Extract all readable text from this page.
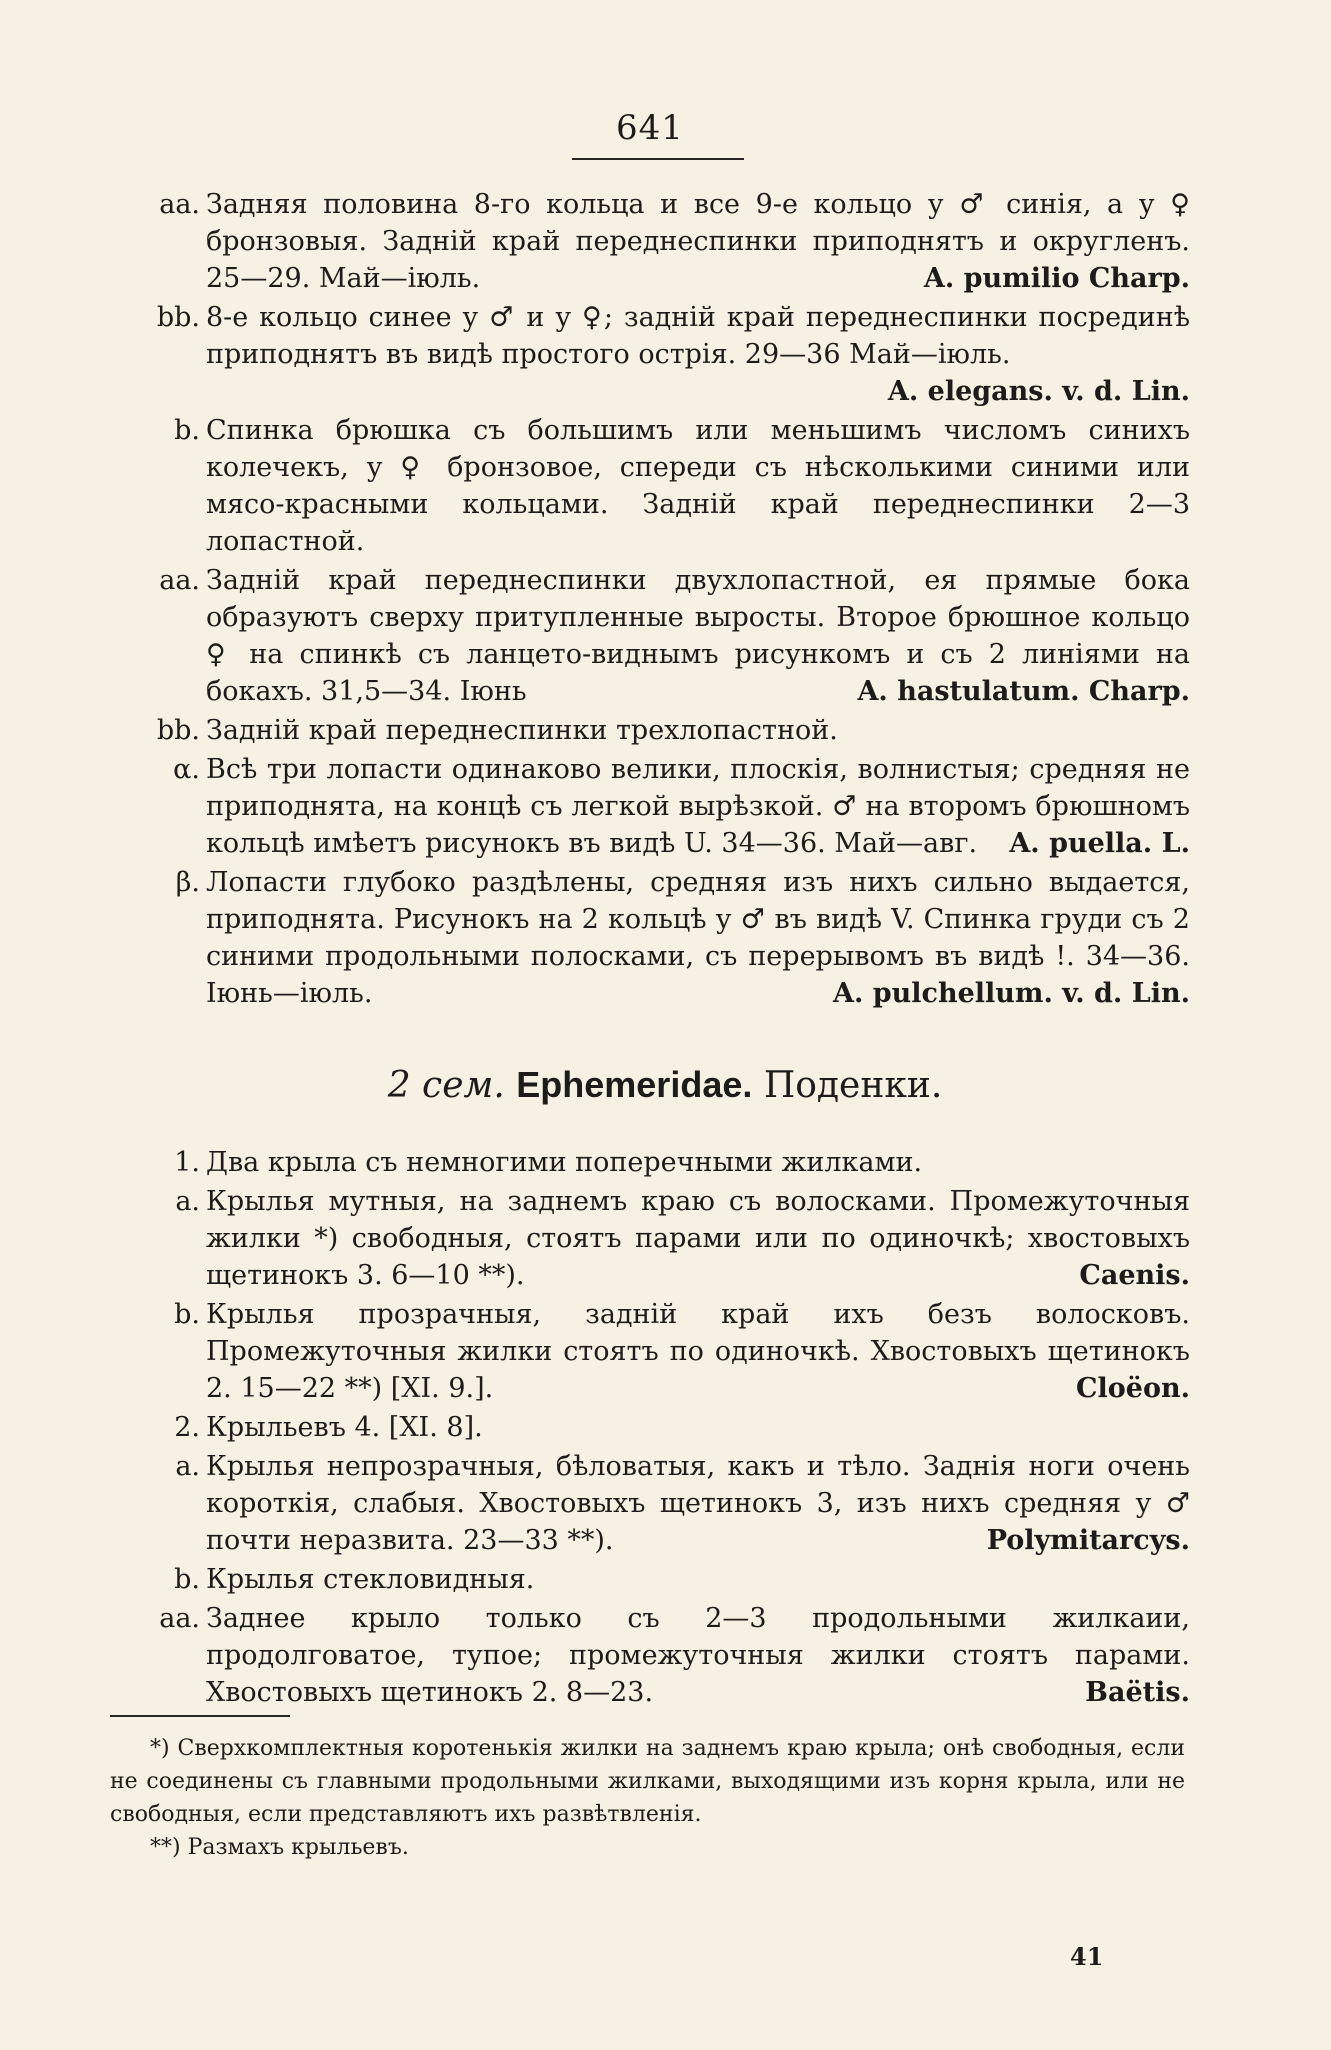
641
aa. Задняя половина 8-го кольца и все 9-е кольцо у ♂ синія, а у ♀ бронзовыя. Заднiй край переднеспинки приподнятъ и округленъ. 25—29. Май—іюль.	A. pumilio Charp.
bb. 8-е кольцо синее у ♂ и у ♀; заднiй край переднеспинки посрединѣ приподнятъ въ видѣ простого острія. 29—36 Май—іюль.
A. elegans. v. d. Lin.
b. Спинка брюшка съ большимъ или меньшимъ числомъ синихъ колечекъ, у ♀ бронзовое, спереди съ нѣсколькими синими или мясо-красными кольцами. Заднiй край переднеспинки 2—3 лопастной.
aa. Заднiй край переднеспинки двухлопастной, ея прямые бока образуютъ сверху притупленные выросты. Второе брюшное кольцо ♀ на спинкѣ съ ланцето-виднымъ рисункомъ и съ 2 линіями на бокахъ. 31,5—34. Іюнь	A. hastulatum. Charp.
bb. Заднiй край переднеспинки трехлопастной.
α. Всѣ три лопасти одинаково велики, плоскія, волнистыя; средняя не приподнята, на концѣ съ легкой вырѣзкой. ♂ на второмъ брюшномъ кольцѣ имѣетъ рисунокъ въ видѣ U. 34—36. Май—авг.	A. puella. L.
β. Лопасти глубоко раздѣлены, средняя изъ нихъ сильно выдается, приподнята. Рисунокъ на 2 кольцѣ у ♂ въ видѣ V. Спинка груди съ 2 синими продольными полосками, съ перерывомъ въ видѣ !. 34—36. Іюнь—іюль.	A. pulchellum. v. d. Lin.
2 сем. Ephemeridae. Поденки.
1. Два крыла съ немногими поперечными жилками.
a. Крылья мутныя, на заднемъ краю съ волосками. Промежуточныя жилки *) свободныя, стоятъ парами или по одиночкѣ; хвостовыхъ щетинокъ 3. 6—10 **).	Caenis.
b. Крылья прозрачныя, заднiй край ихъ безъ волосковъ. Промежуточныя жилки стоятъ по одиночкѣ. Хвостовыхъ щетинокъ 2. 15—22 **) [XI. 9.].	Cloëon.
2. Крыльевъ 4. [XI. 8].
a. Крылья непрозрачныя, бѣловатыя, какъ и тѣло. Заднія ноги очень короткія, слабыя. Хвостовыхъ щетинокъ 3, изъ нихъ средняя у ♂ почти неразвита. 23—33 **).	Polymitarcys.
b. Крылья стекловидныя.
aa. Заднее крыло только съ 2—3 продольными жилкаии, продолговатое, тупое; промежуточныя жилки стоятъ парами. Хвостовыхъ щетинокъ 2. 8—23.	Baëtis.

*) Сверхкомплектныя коротенькія жилки на заднемъ краю крыла; онѣ свободныя, если не соединены съ главными продольными жилками, выходящими изъ корня крыла, или не свободныя, если представляютъ ихъ развѣтвленія.

**) Размахъ крыльевъ.

41
